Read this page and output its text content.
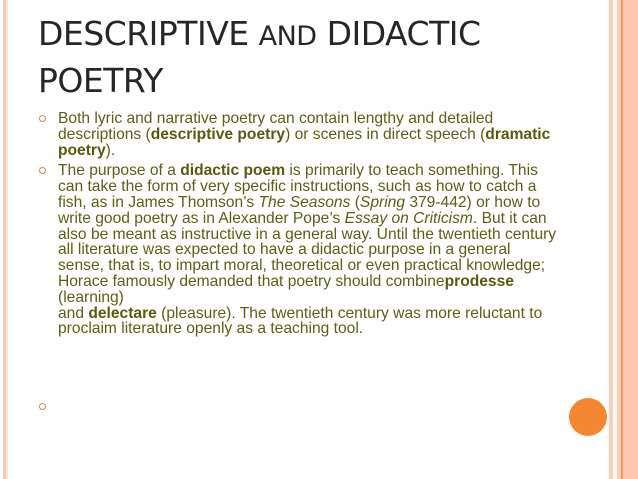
DESCRIPTIVE AND DIDACTIC POETRY
Both lyric and narrative poetry can contain lengthy and detailed descriptions (descriptive poetry) or scenes in direct speech (dramatic poetry).
The purpose of a didactic poem is primarily to teach something. This can take the form of very specific instructions, such as how to catch a fish, as in James Thomson’s The Seasons (Spring 379-442) or how to write good poetry as in Alexander Pope’s Essay on Criticism. But it can also be meant as instructive in a general way. Until the twentieth century all literature was expected to have a didactic purpose in a general sense, that is, to impart moral, theoretical or even practical knowledge; Horace famously demanded that poetry should combineprodesse (learning)
and delectare (pleasure). The twentieth century was more reluctant to proclaim literature openly as a teaching tool.
